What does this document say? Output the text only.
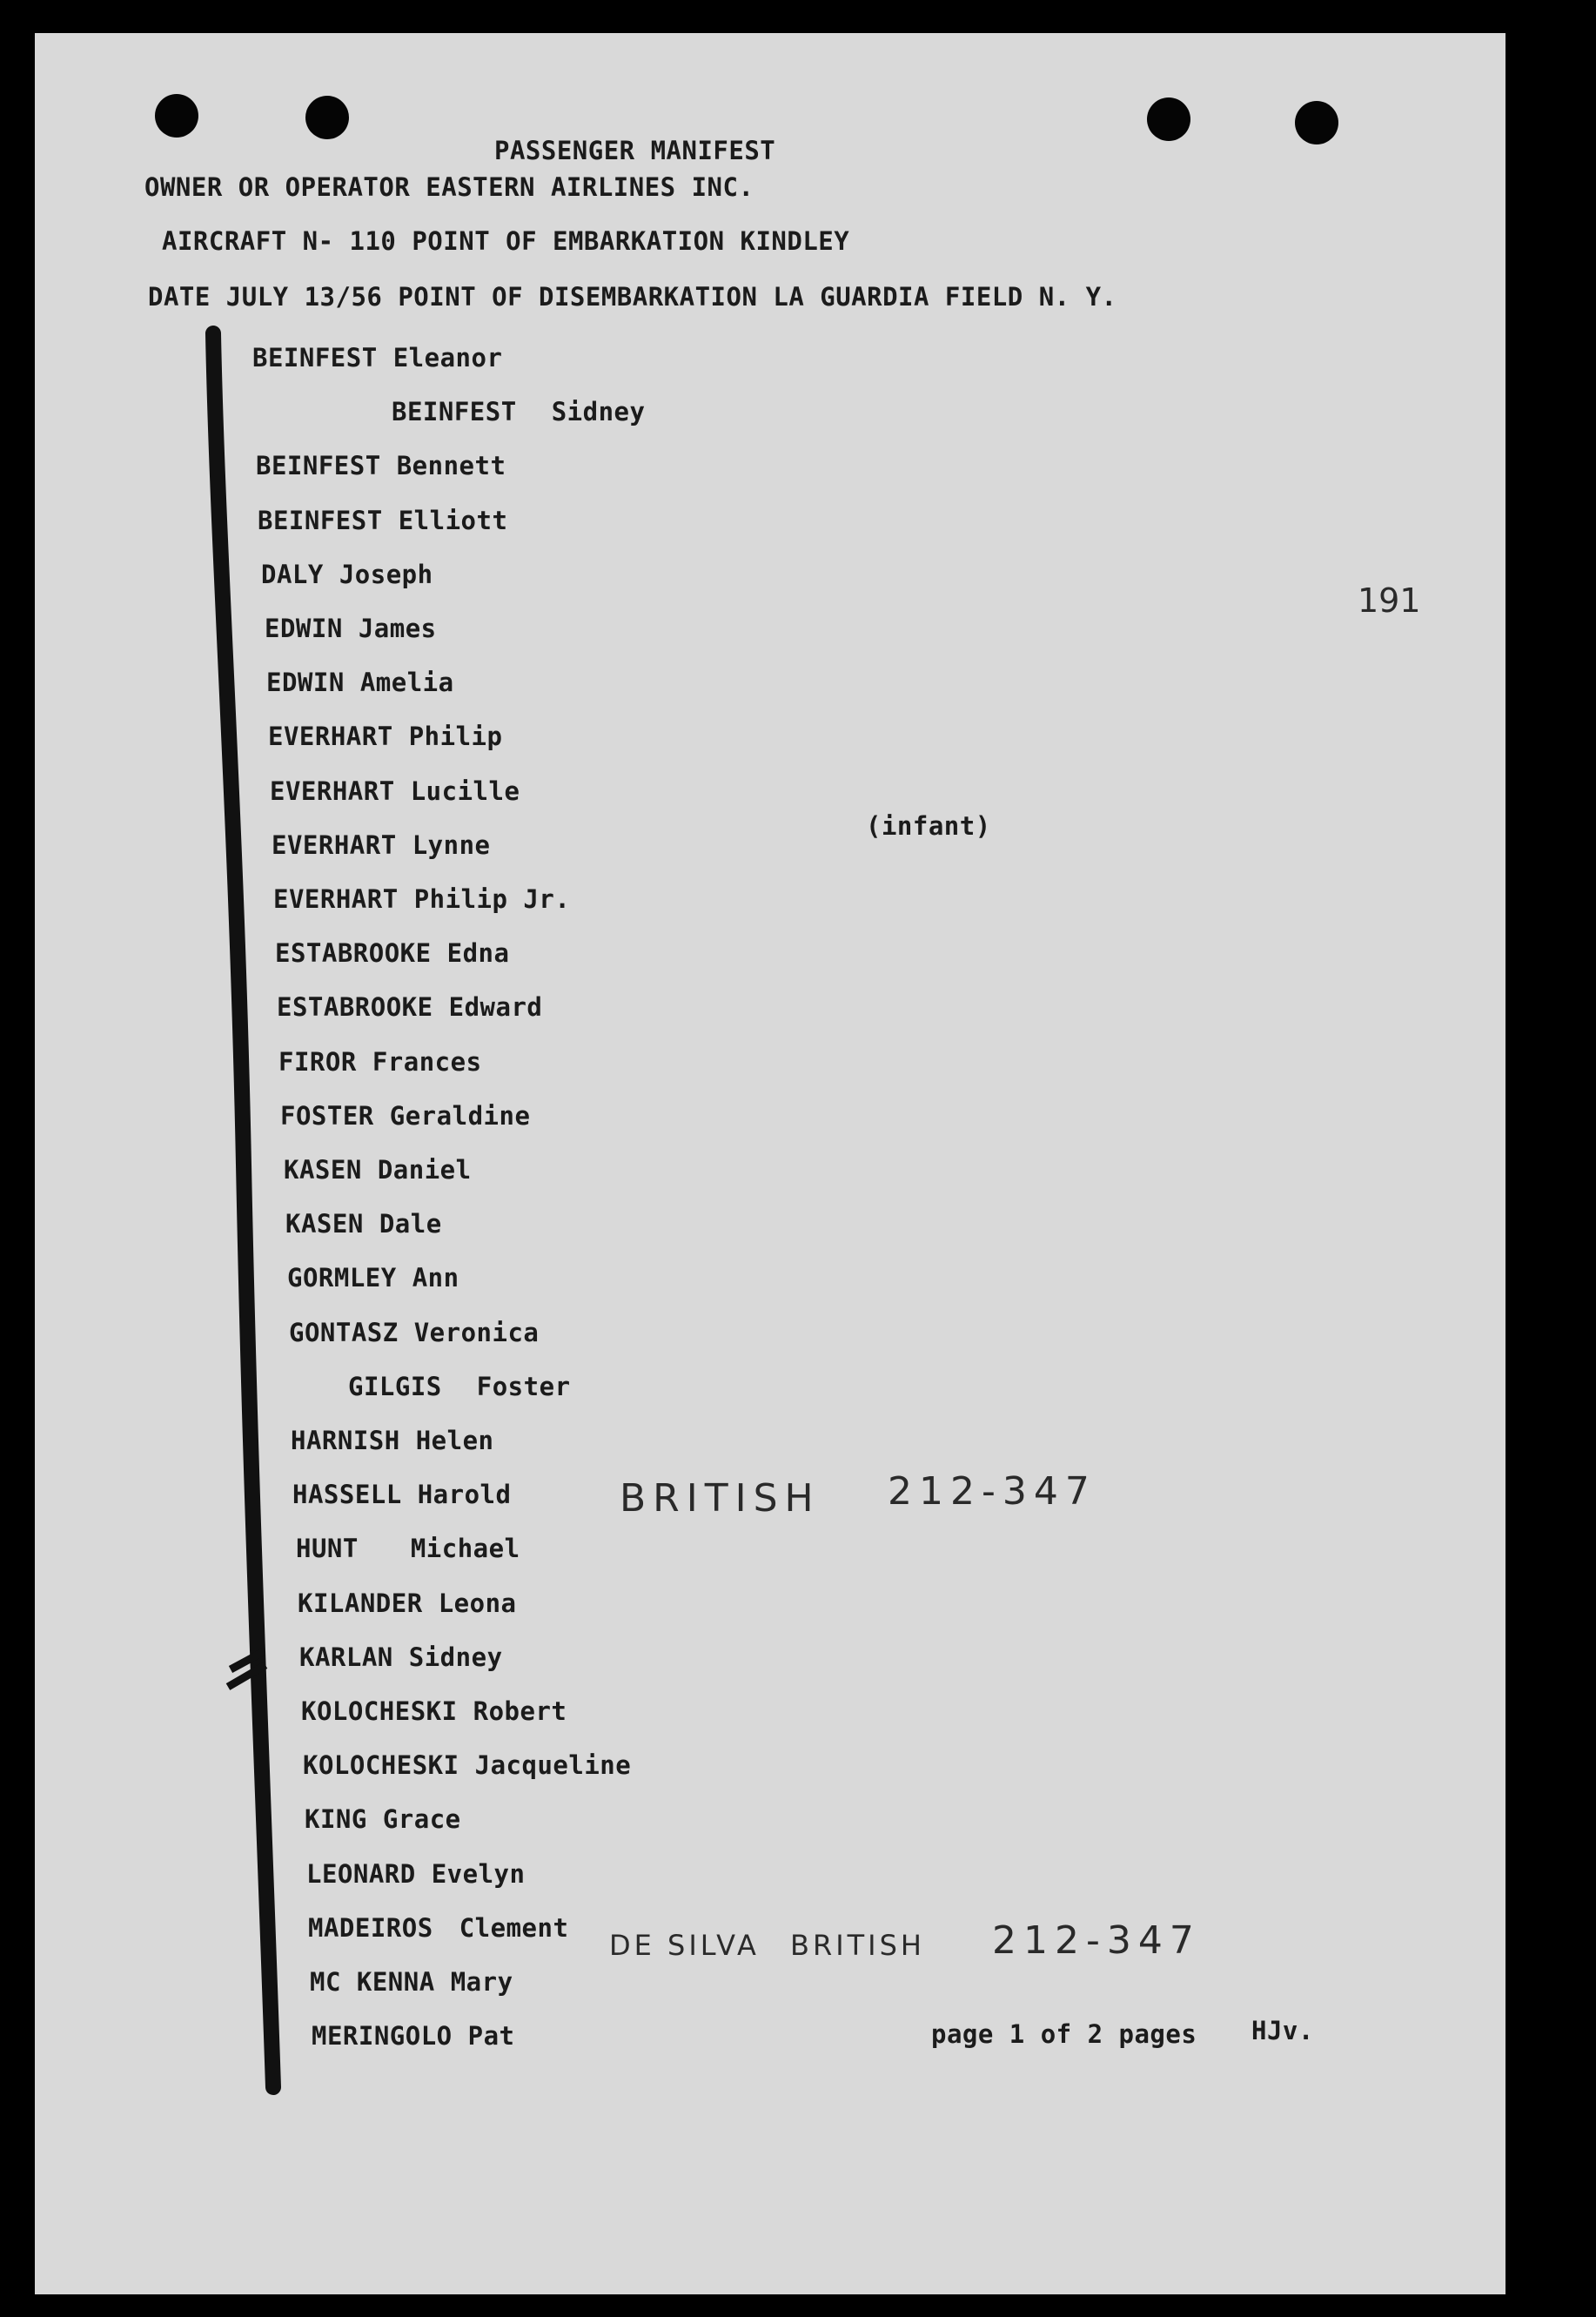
PASSENGER MANIFEST
OWNER OR OPERATOR EASTERN AIRLINES INC.
AIRCRAFT N- 110 POINT OF EMBARKATION KINDLEY
DATE JULY 13/56 POINT OF DISEMBARKATION LA GUARDIA FIELD N. Y.
191
BEINFEST Eleanor
BEINFEST Sidney
BEINFEST Bennett
BEINFEST Elliott
DALY Joseph
EDWIN James
EDWIN Amelia
EVERHART Philip
EVERHART Lucille
EVERHART Lynne
(infant)
EVERHART Philip Jr.
ESTABROOKE Edna
ESTABROOKE Edward
FIROR Frances
FOSTER Geraldine
KASEN Daniel
KASEN Dale
GORMLEY Ann
GONTASZ Veronica
GILGIS Foster
HARNISH Helen
HASSELL Harold
HUNT Michael
KILANDER Leona
KARLAN Sidney
KOLOCHESKI Robert
KOLOCHESKI Jacqueline
KING Grace
LEONARD Evelyn
MADEIROS Clement
MC KENNA Mary
MERINGOLO Pat
BRITISH 212-347
DE SILVA BRITISH 212-347
page 1 of 2 pages HJv.
